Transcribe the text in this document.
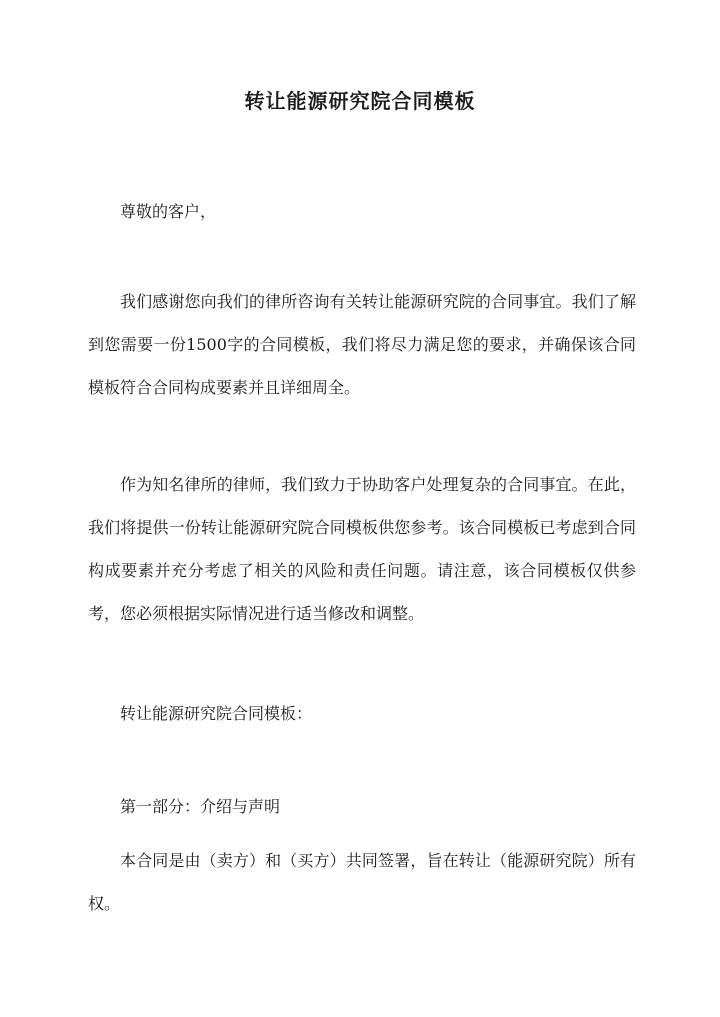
转让能源研究院合同模板

尊敬的客户，

我们感谢您向我们的律所咨询有关转让能源研究院的合同事宜。我们了解到您需要一份1500字的合同模板，我们将尽力满足您的要求，并确保该合同模板符合合同构成要素并且详细周全。

作为知名律所的律师，我们致力于协助客户处理复杂的合同事宜。在此，我们将提供一份转让能源研究院合同模板供您参考。该合同模板已考虑到合同构成要素并充分考虑了相关的风险和责任问题。请注意，该合同模板仅供参考，您必须根据实际情况进行适当修改和调整。

转让能源研究院合同模板：

第一部分：介绍与声明

本合同是由（卖方）和（买方）共同签署，旨在转让（能源研究院）所有权。
